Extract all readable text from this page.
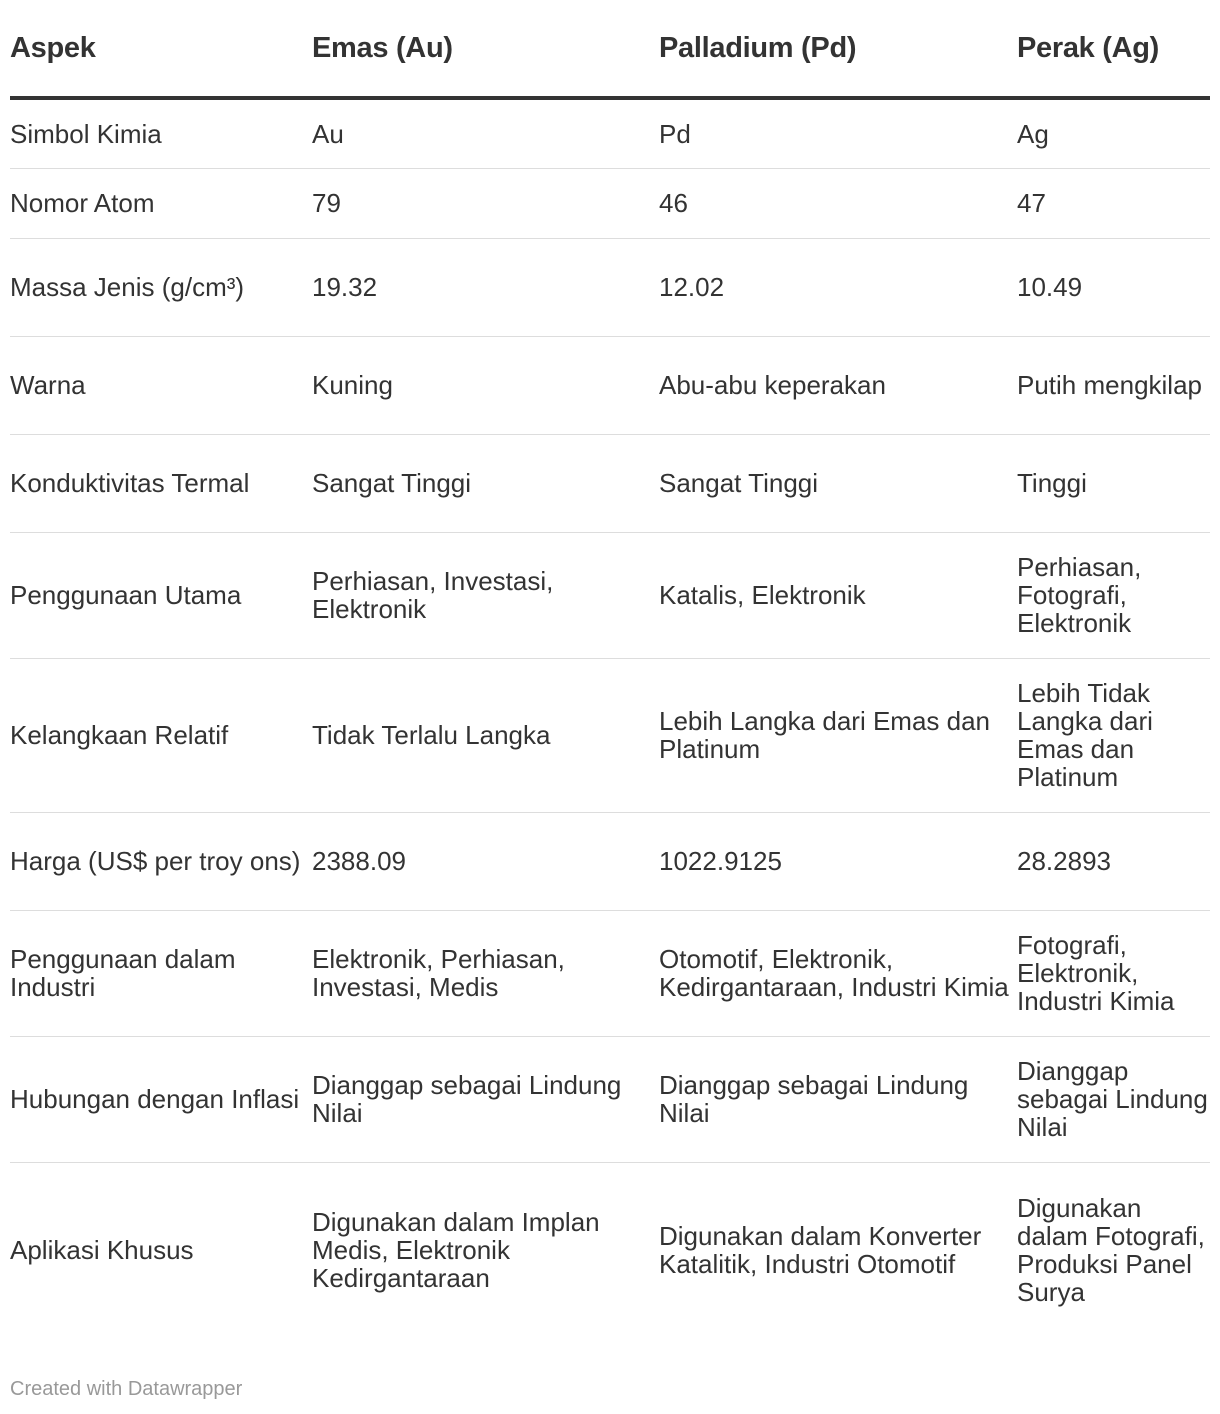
Aspek	Emas (Au)	Palladium (Pd)	Perak (Ag)
Simbol Kimia	Au	Pd	Ag
Nomor Atom	79	46	47
Massa Jenis (g/cm³)	19.32	12.02	10.49
Warna	Kuning	Abu-abu keperakan	Putih mengkilap
Konduktivitas Termal	Sangat Tinggi	Sangat Tinggi	Tinggi
Penggunaan Utama	Perhiasan, Investasi, Elektronik	Katalis, Elektronik	Perhiasan, Fotografi, Elektronik
Kelangkaan Relatif	Tidak Terlalu Langka	Lebih Langka dari Emas dan Platinum	Lebih Tidak Langka dari Emas dan Platinum
Harga (US$ per troy ons)	2388.09	1022.9125	28.2893
Penggunaan dalam Industri	Elektronik, Perhiasan, Investasi, Medis	Otomotif, Elektronik, Kedirgantaraan, Industri Kimia	Fotografi, Elektronik, Industri Kimia
Hubungan dengan Inflasi	Dianggap sebagai Lindung Nilai	Dianggap sebagai Lindung Nilai	Dianggap sebagai Lindung Nilai
Aplikasi Khusus	Digunakan dalam Implan Medis, Elektronik Kedirgantaraan	Digunakan dalam Konverter Katalitik, Industri Otomotif	Digunakan dalam Fotografi, Produksi Panel Surya
Created with Datawrapper
